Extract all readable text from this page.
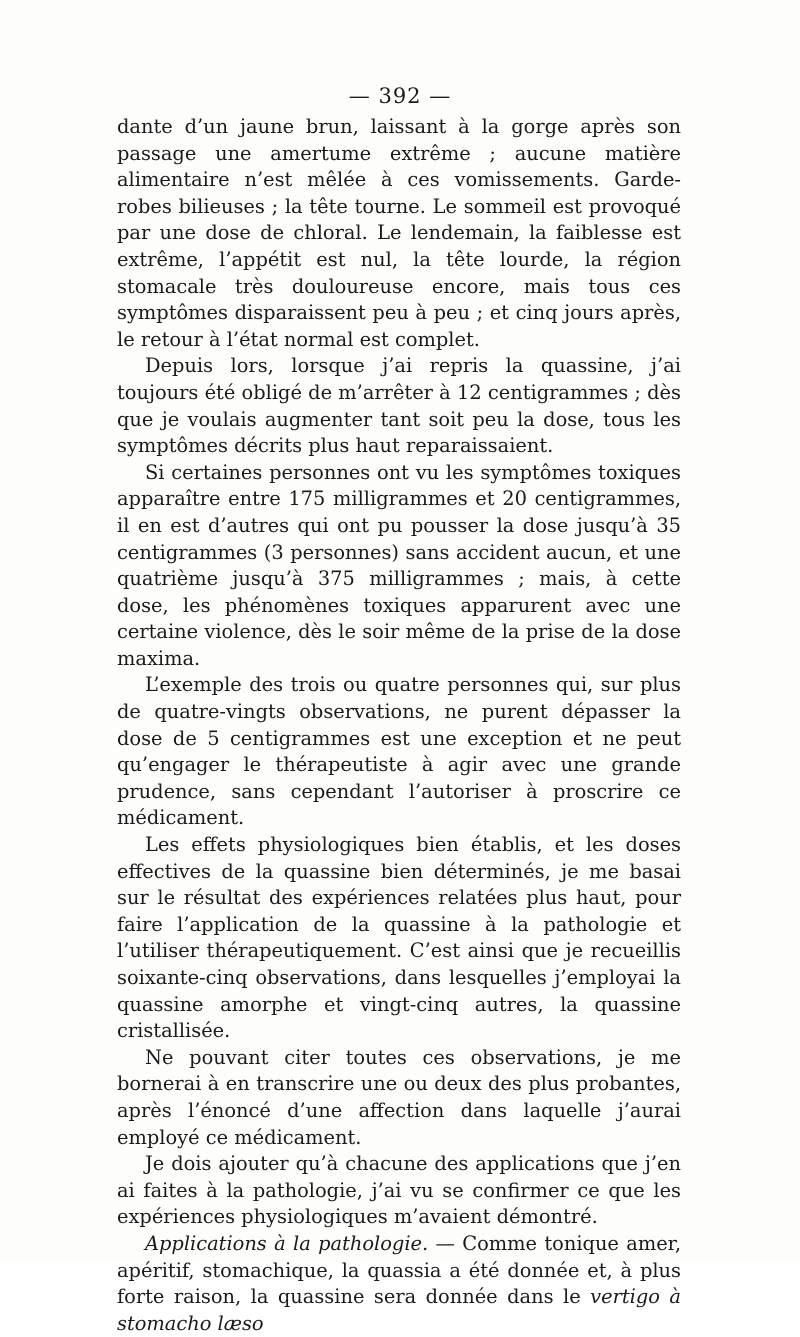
— 392 —

dante d’un jaune brun, laissant à la gorge après son passage une amertume extrême ; aucune matière alimentaire n’est mêlée à ces vomissements. Garde-robes bilieuses ; la tête tourne. Le sommeil est provoqué par une dose de chloral. Le lendemain, la faiblesse est extrême, l’appétit est nul, la tête lourde, la région stomacale très douloureuse encore, mais tous ces symptômes disparaissent peu à peu ; et cinq jours après, le retour à l’état normal est complet.

Depuis lors, lorsque j’ai repris la quassine, j’ai toujours été obligé de m’arrêter à 12 centigrammes ; dès que je voulais augmenter tant soit peu la dose, tous les symptômes décrits plus haut reparaissaient.

Si certaines personnes ont vu les symptômes toxiques apparaître entre 175 milligrammes et 20 centigrammes, il en est d’autres qui ont pu pousser la dose jusqu’à 35 centigrammes (3 personnes) sans accident aucun, et une quatrième jusqu’à 375 milligrammes ; mais, à cette dose, les phénomènes toxiques apparurent avec une certaine violence, dès le soir même de la prise de la dose maxima.

L’exemple des trois ou quatre personnes qui, sur plus de quatre-vingts observations, ne purent dépasser la dose de 5 centigrammes est une exception et ne peut qu’engager le thérapeutiste à agir avec une grande prudence, sans cependant l’autoriser à proscrire ce médicament.

Les effets physiologiques bien établis, et les doses effectives de la quassine bien déterminés, je me basai sur le résultat des expériences relatées plus haut, pour faire l’application de la quassine à la pathologie et l’utiliser thérapeutiquement. C’est ainsi que je recueillis soixante-cinq observations, dans lesquelles j’employai la quassine amorphe et vingt-cinq autres, la quassine cristallisée.

Ne pouvant citer toutes ces observations, je me bornerai à en transcrire une ou deux des plus probantes, après l’énoncé d’une affection dans laquelle j’aurai employé ce médicament.

Je dois ajouter qu’à chacune des applications que j’en ai faites à la pathologie, j’ai vu se confirmer ce que les expériences physiologiques m’avaient démontré.

Applications à la pathologie. — Comme tonique amer, apéritif, stomachique, la quassia a été donnée et, à plus forte raison, la quassine sera donnée dans le vertigo à stomacho læso
